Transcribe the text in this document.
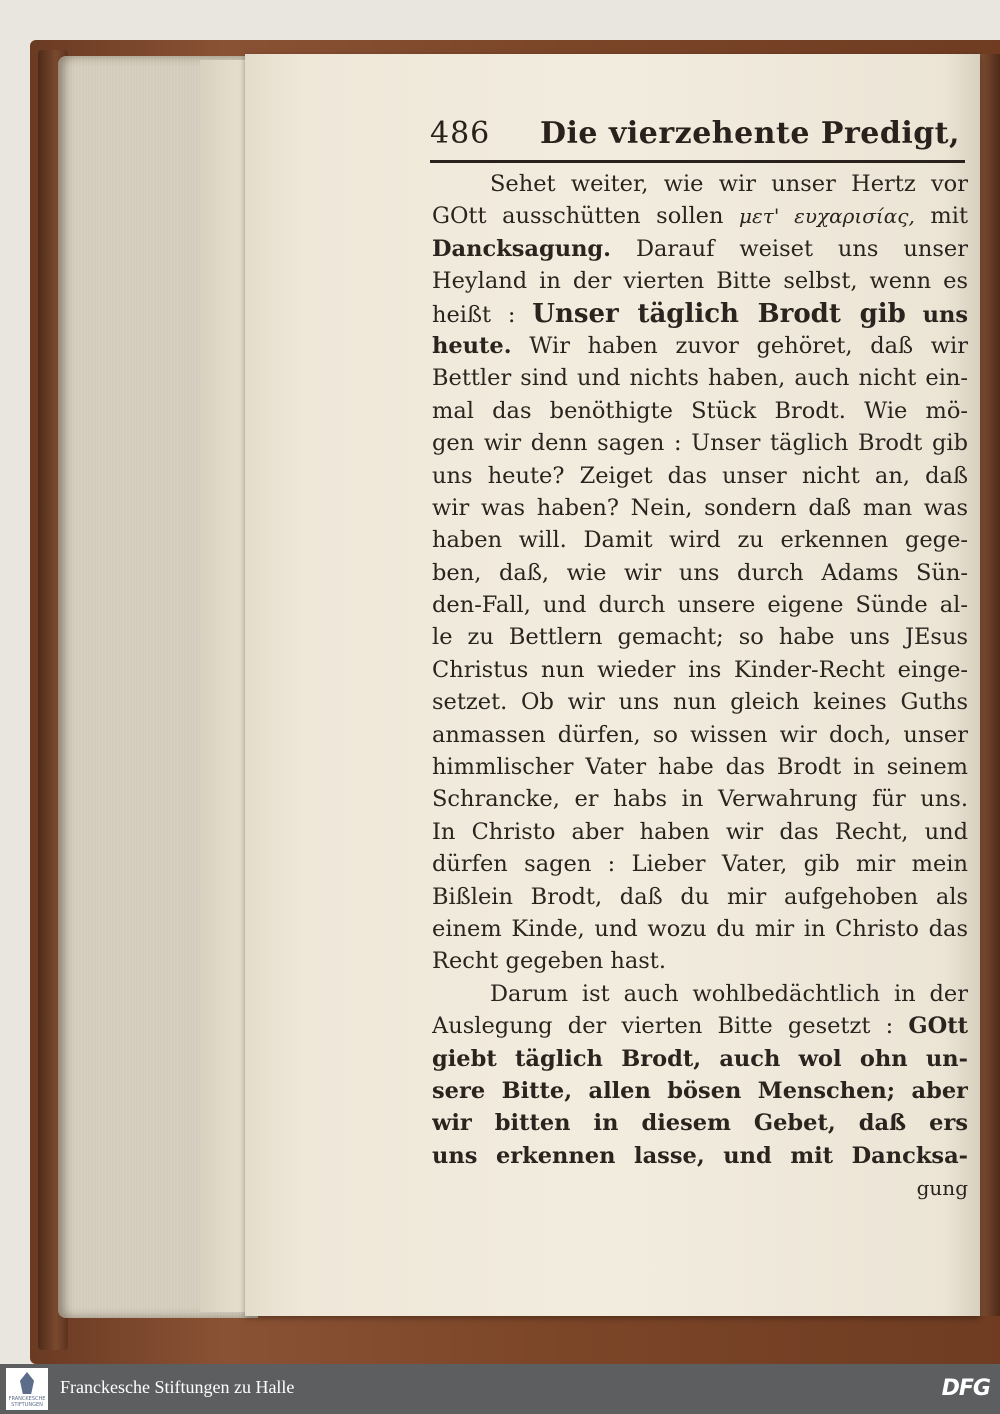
486 Die vierzehente Predigt,
Sehet weiter, wie wir unser Hertz vor
GOtt ausschütten sollen μετ' ευχαρισίας, mit
Dancksagung. Darauf weiset uns unser
Heyland in der vierten Bitte selbst, wenn es
heißt : Unser täglich Brodt gib uns
heute. Wir haben zuvor gehöret, daß wir
Bettler sind und nichts haben, auch nicht ein-
mal das benöthigte Stück Brodt. Wie mö-
gen wir denn sagen : Unser täglich Brodt gib
uns heute? Zeiget das unser nicht an, daß
wir was haben? Nein, sondern daß man was
haben will. Damit wird zu erkennen gege-
ben, daß, wie wir uns durch Adams Sün-
den-Fall, und durch unsere eigene Sünde al-
le zu Bettlern gemacht; so habe uns JEsus
Christus nun wieder ins Kinder-Recht einge-
setzet. Ob wir uns nun gleich keines Guths
anmassen dürfen, so wissen wir doch, unser
himmlischer Vater habe das Brodt in seinem
Schrancke, er habs in Verwahrung für uns.
In Christo aber haben wir das Recht, und
dürfen sagen : Lieber Vater, gib mir mein
Bißlein Brodt, daß du mir aufgehoben als
einem Kinde, und wozu du mir in Christo das
Recht gegeben hast.
Darum ist auch wohlbedächtlich in der
Auslegung der vierten Bitte gesetzt : GOtt
giebt täglich Brodt, auch wol ohn un-
sere Bitte, allen bösen Menschen; aber
wir bitten in diesem Gebet, daß ers
uns erkennen lasse, und mit Dancksa-
gung
FRANCKESCHE STIFTUNGEN
Franckesche Stiftungen zu Halle	DFG
